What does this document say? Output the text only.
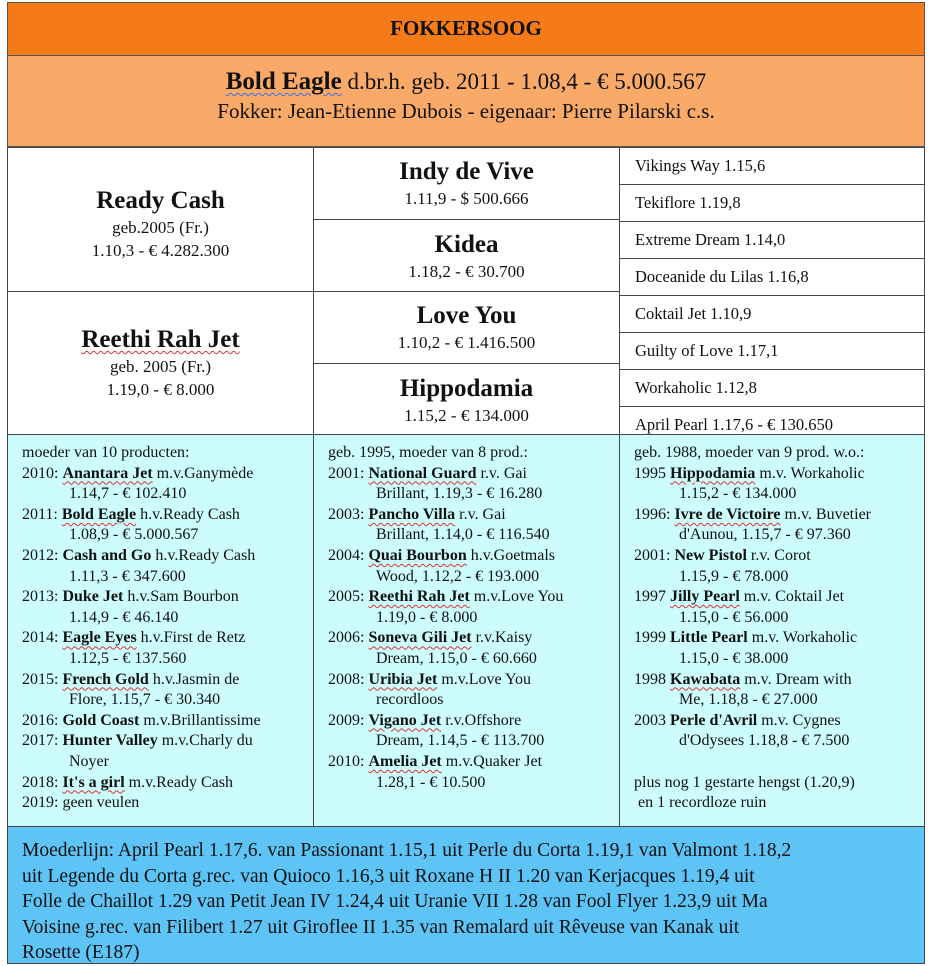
FOKKERSOOG
Bold Eagle d.br.h. geb. 2011 - 1.08,4 - € 5.000.567
Fokker: Jean-Etienne Dubois - eigenaar: Pierre Pilarski c.s.
Ready Cash
geb.2005 (Fr.)
1.10,3 - € 4.282.300
Reethi Rah Jet
geb. 2005 (Fr.)
1.19,0 - € 8.000
Indy de Vive
1.11,9 - $ 500.666
Kidea
1.18,2 - € 30.700
Love You
1.10,2 - € 1.416.500
Hippodamia
1.15,2 - € 134.000
Vikings Way 1.15,6
Tekiflore 1.19,8
Extreme Dream 1.14,0
Doceanide du Lilas 1.16,8
Coktail Jet 1.10,9
Guilty of Love 1.17,1
Workaholic 1.12,8
April Pearl 1.17,6 - € 130.650
moeder van 10 producten:
2010: Anantara Jet m.v.Ganymède
1.14,7 - € 102.410
2011: Bold Eagle h.v.Ready Cash
1.08,9 - € 5.000.567
2012: Cash and Go h.v.Ready Cash
1.11,3 - € 347.600
2013: Duke Jet h.v.Sam Bourbon
1.14,9 - € 46.140
2014: Eagle Eyes h.v.First de Retz
1.12,5 - € 137.560
2015: French Gold h.v.Jasmin de
Flore, 1.15,7 - € 30.340
2016: Gold Coast m.v.Brillantissime
2017: Hunter Valley m.v.Charly du
Noyer
2018: It's a girl m.v.Ready Cash
2019: geen veulen
geb. 1995, moeder van 8 prod.:
2001: National Guard r.v. Gai
Brillant, 1.19,3 - € 16.280
2003: Pancho Villa r.v. Gai
Brillant, 1.14,0 - € 116.540
2004: Quai Bourbon h.v.Goetmals
Wood, 1.12,2 - € 193.000
2005: Reethi Rah Jet m.v.Love You
1.19,0 - € 8.000
2006: Soneva Gili Jet r.v.Kaisy
Dream, 1.15,0 - € 60.660
2008: Uribia Jet m.v.Love You
recordloos
2009: Vigano Jet r.v.Offshore
Dream, 1.14,5 - € 113.700
2010: Amelia Jet m.v.Quaker Jet
1.28,1 - € 10.500
geb. 1988, moeder van 9 prod. w.o.:
1995 Hippodamia m.v. Workaholic
1.15,2 - € 134.000
1996: Ivre de Victoire m.v. Buvetier
d'Aunou, 1.15,7 - € 97.360
2001: New Pistol r.v. Corot
1.15,9 - € 78.000
1997 Jilly Pearl m.v. Coktail Jet
1.15,0 - € 56.000
1999 Little Pearl m.v. Workaholic
1.15,0 - € 38.000
1998 Kawabata m.v. Dream with
Me, 1.18,8 - € 27.000
2003 Perle d'Avril m.v. Cygnes
d'Odysees 1.18,8 - € 7.500
plus nog 1 gestarte hengst (1.20,9)
en 1 recordloze ruin
Moederlijn: April Pearl 1.17,6. van Passionant 1.15,1 uit Perle du Corta 1.19,1 van Valmont 1.18,2
uit Legende du Corta g.rec. van Quioco 1.16,3 uit Roxane H II 1.20 van Kerjacques 1.19,4 uit
Folle de Chaillot 1.29 van Petit Jean IV 1.24,4 uit Uranie VII 1.28 van Fool Flyer 1.23,9 uit Ma
Voisine g.rec. van Filibert 1.27 uit Giroflee II 1.35 van Remalard uit Rêveuse van Kanak uit
Rosette (E187)
